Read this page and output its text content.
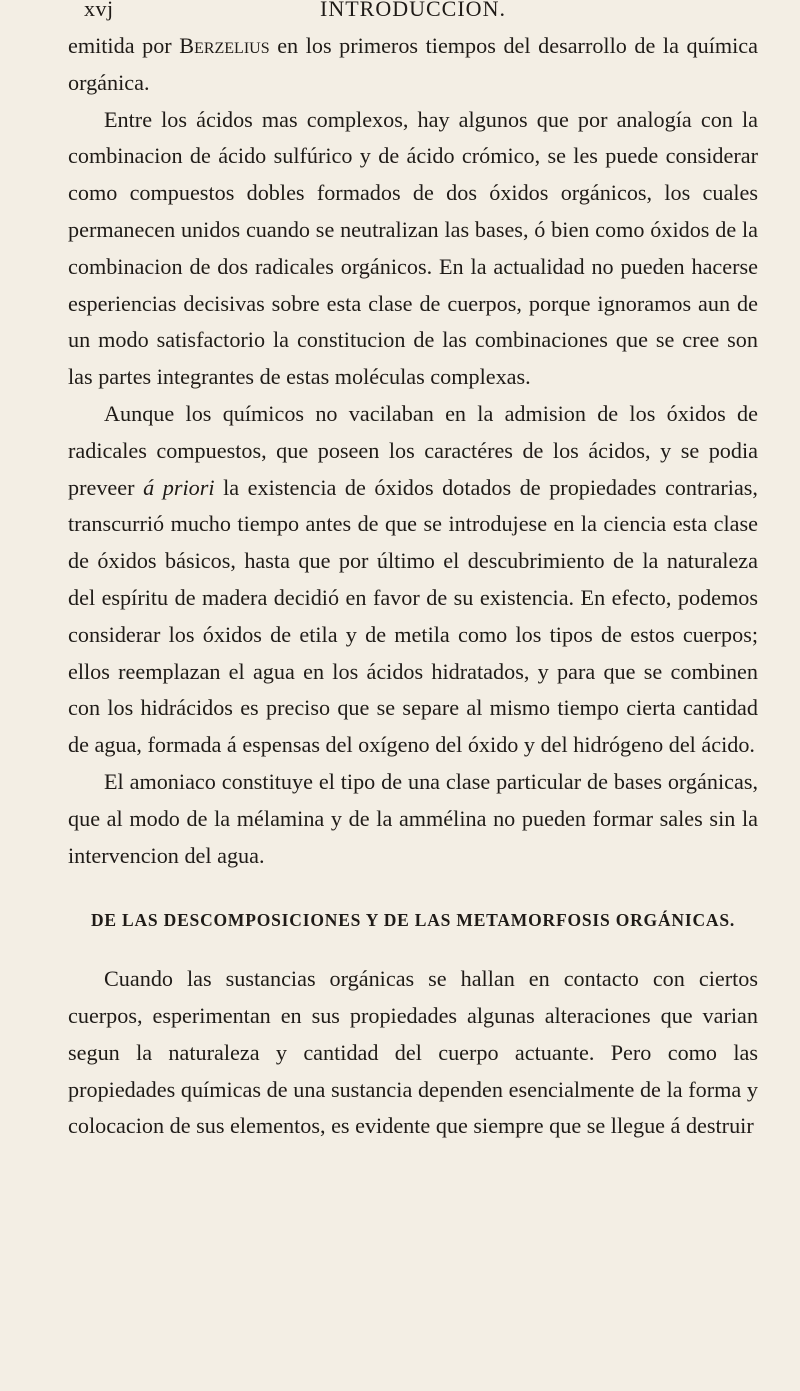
xvj	INTRODUCCION.

emitida por Berzelius en los primeros tiempos del desarrollo de la química orgánica.

Entre los ácidos mas complexos, hay algunos que por analogía con la combinacion de ácido sulfúrico y de ácido crómico, se les puede considerar como compuestos dobles formados de dos óxidos orgánicos, los cuales permanecen unidos cuando se neutralizan las bases, ó bien como óxidos de la combinacion de dos radicales orgánicos. En la actualidad no pueden hacerse esperiencias decisivas sobre esta clase de cuerpos, porque ignoramos aun de un modo satisfactorio la constitucion de las combinaciones que se cree son las partes integrantes de estas moléculas complexas.

Aunque los químicos no vacilaban en la admision de los óxidos de radicales compuestos, que poseen los caractéres de los ácidos, y se podia preveer á priori la existencia de óxidos dotados de propiedades contrarias, transcurrió mucho tiempo antes de que se introdujese en la ciencia esta clase de óxidos básicos, hasta que por último el descubrimiento de la naturaleza del espíritu de madera decidió en favor de su existencia. En efecto, podemos considerar los óxidos de etila y de metila como los tipos de estos cuerpos; ellos reemplazan el agua en los ácidos hidratados, y para que se combinen con los hidrácidos es preciso que se separe al mismo tiempo cierta cantidad de agua, formada á espensas del oxígeno del óxido y del hidrógeno del ácido.

El amoniaco constituye el tipo de una clase particular de bases orgánicas, que al modo de la mélamina y de la ammélina no pueden formar sales sin la intervencion del agua.

DE LAS DESCOMPOSICIONES Y DE LAS METAMORFOSIS ORGÁNICAS.

Cuando las sustancias orgánicas se hallan en contacto con ciertos cuerpos, esperimentan en sus propiedades algunas alteraciones que varian segun la naturaleza y cantidad del cuerpo actuante. Pero como las propiedades químicas de una sustancia dependen esencialmente de la forma y colocacion de sus elementos, es evidente que siempre que se llegue á destruir
